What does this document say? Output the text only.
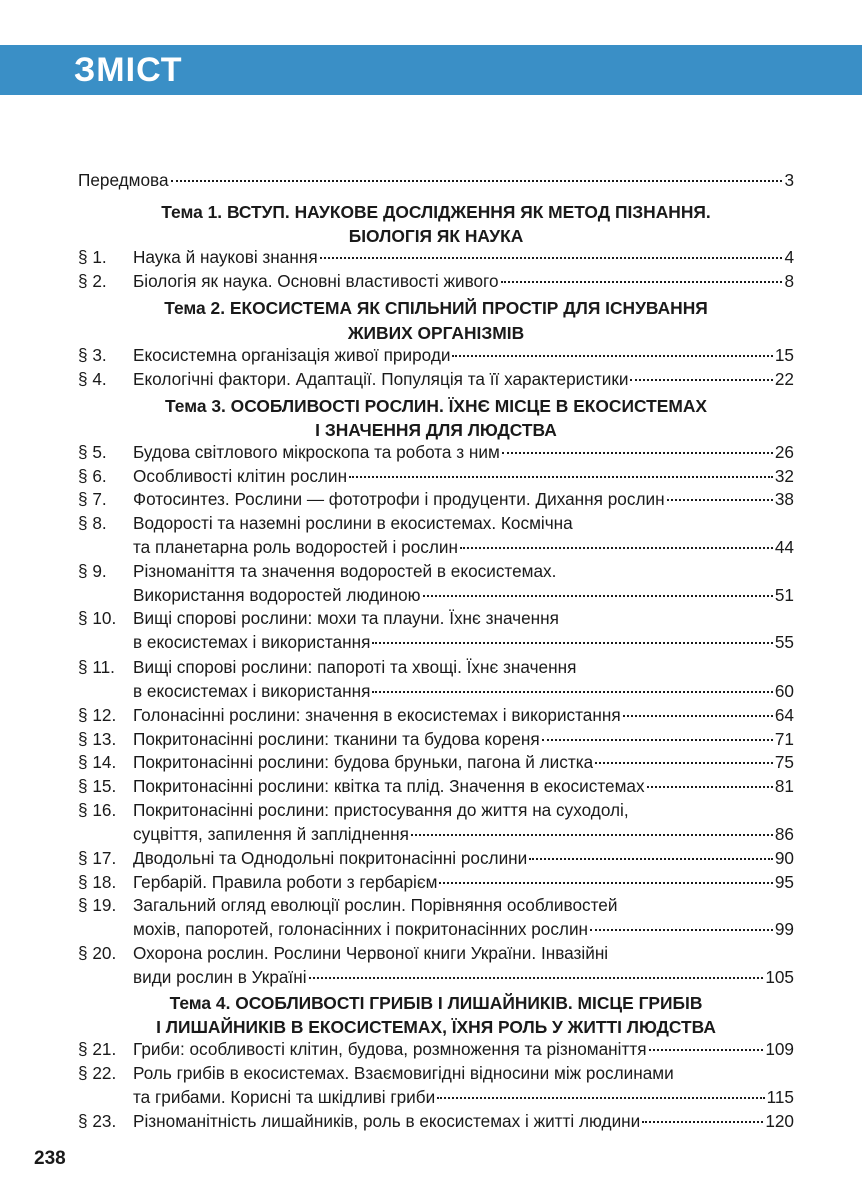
ЗМІСТ
Передмова	3
Тема 1. ВСТУП. НАУКОВЕ ДОСЛІДЖЕННЯ ЯК МЕТОД ПІЗНАННЯ.
БІОЛОГІЯ ЯК НАУКА
§ 1.	Наука й наукові знання	4
§ 2.	Біологія як наука. Основні властивості живого	8
Тема 2. ЕКОСИСТЕМА ЯК СПІЛЬНИЙ ПРОСТІР ДЛЯ ІСНУВАННЯ
ЖИВИХ ОРГАНІЗМІВ
§ 3.	Екосистемна організація живої природи	15
§ 4.	Екологічні фактори. Адаптації. Популяція та її характеристики	22
Тема 3. ОСОБЛИВОСТІ РОСЛИН. ЇХНЄ МІСЦЕ В ЕКОСИСТЕМАХ
І ЗНАЧЕННЯ ДЛЯ ЛЮДСТВА
§ 5.	Будова світлового мікроскопа та робота з ним	26
§ 6.	Особливості клітин рослин	32
§ 7.	Фотосинтез. Рослини — фототрофи і продуценти. Дихання рослин	38
§ 8.	Водорості та наземні рослини в екосистемах. Космічна
та планетарна роль водоростей і рослин	44
§ 9.	Різноманіття та значення водоростей в екосистемах.
Використання водоростей людиною	51
§ 10. Вищі спорові рослини: мохи та плауни. Їхнє значення
в екосистемах і використання	55
§ 11.	Вищі спорові рослини: папороті та хвощі. Їхнє значення
в екосистемах і використання	60
§ 12. Голонасінні рослини: значення в екосистемах і використання	64
§ 13. Покритонасінні рослини: тканини та будова кореня	71
§ 14. Покритонасінні рослини: будова бруньки, пагона й листка	75
§ 15. Покритонасінні рослини: квітка та плід. Значення в екосистемах	81
§ 16. Покритонасінні рослини: пристосування до життя на суходолі,
суцвіття, запилення й запліднення	86
§ 17. Дводольні та Однодольні покритонасінні рослини	90
§ 18. Гербарій. Правила роботи з гербарієм	95
§ 19. Загальний огляд еволюції рослин. Порівняння особливостей
мохів, папоротей, голонасінних і покритонасінних рослин	99
§ 20. Охорона рослин. Рослини Червоної книги України. Інвазійні
види рослин в Україні	105
Тема 4. ОСОБЛИВОСТІ ГРИБІВ І ЛИШАЙНИКІВ. МІСЦЕ ГРИБІВ
І ЛИШАЙНИКІВ В ЕКОСИСТЕМАХ, ЇХНЯ РОЛЬ У ЖИТТІ ЛЮДСТВА
§ 21. Гриби: особливості клітин, будова, розмноження та різноманіття	109
§ 22. Роль грибів в екосистемах. Взаємовигідні відносини між рослинами
та грибами. Корисні та шкідливі гриби	115
§ 23. Різноманітність лишайників, роль в екосистемах і житті людини	120
238
